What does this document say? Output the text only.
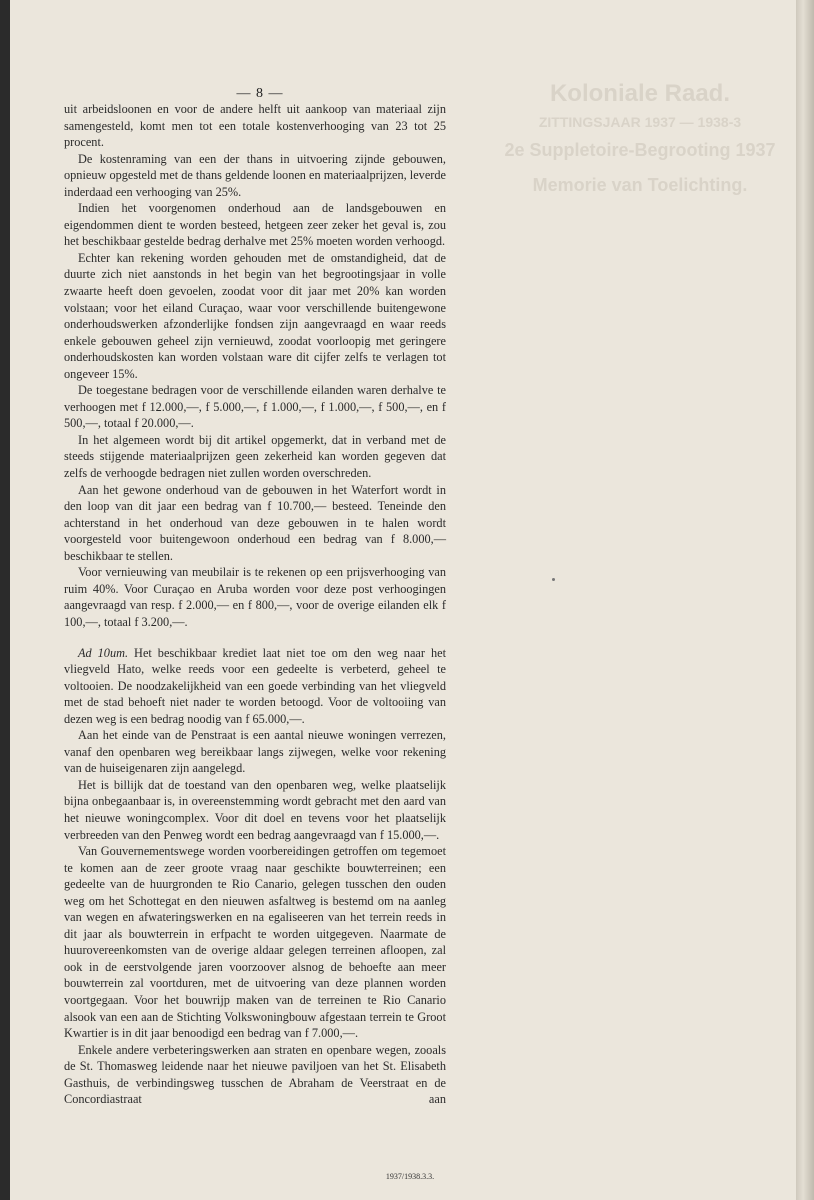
Koloniale Raad.
ZITTINGSJAAR 1937 — 1938-3
2e Suppletoire-Begrooting 1937
Memorie van Toelichting.
— 8 —

uit arbeidsloonen en voor de andere helft uit aankoop van materiaal zijn samengesteld, komt men tot een totale kostenverhooging van 23 tot 25 procent.

De kostenraming van een der thans in uitvoering zijnde gebouwen, opnieuw opgesteld met de thans geldende loonen en materiaalprijzen, leverde inderdaad een verhooging van 25%.

Indien het voorgenomen onderhoud aan de landsgebouwen en eigendommen dient te worden besteed, hetgeen zeer zeker het geval is, zou het beschikbaar gestelde bedrag derhalve met 25% moeten worden verhoogd.

Echter kan rekening worden gehouden met de omstandigheid, dat de duurte zich niet aanstonds in het begin van het begrootingsjaar in volle zwaarte heeft doen gevoelen, zoodat voor dit jaar met 20% kan worden volstaan; voor het eiland Curaçao, waar voor verschillende buitengewone onderhoudswerken afzonderlijke fondsen zijn aangevraagd en waar reeds enkele gebouwen geheel zijn vernieuwd, zoodat voorloopig met geringere onderhoudskosten kan worden volstaan ware dit cijfer zelfs te verlagen tot ongeveer 15%.

De toegestane bedragen voor de verschillende eilanden waren derhalve te verhoogen met f 12.000,—, f 5.000,—, f 1.000,—, f 1.000,—, f 500,—, en f 500,—, totaal f 20.000,—.

In het algemeen wordt bij dit artikel opgemerkt, dat in verband met de steeds stijgende materiaalprijzen geen zekerheid kan worden gegeven dat zelfs de verhoogde bedragen niet zullen worden overschreden.

Aan het gewone onderhoud van de gebouwen in het Waterfort wordt in den loop van dit jaar een bedrag van f 10.700,— besteed. Teneinde den achterstand in het onderhoud van deze gebouwen in te halen wordt voorgesteld voor buitengewoon onderhoud een bedrag van f 8.000,— beschikbaar te stellen.

Voor vernieuwing van meubilair is te rekenen op een prijsverhooging van ruim 40%. Voor Curaçao en Aruba worden voor deze post verhoogingen aangevraagd van resp. f 2.000,— en f 800,—, voor de overige eilanden elk f 100,—, totaal f 3.200,—.

Ad 10um. Het beschikbaar krediet laat niet toe om den weg naar het vliegveld Hato, welke reeds voor een gedeelte is verbeterd, geheel te voltooien. De noodzakelijkheid van een goede verbinding van het vliegveld met de stad behoeft niet nader te worden betoogd. Voor de voltooiing van dezen weg is een bedrag noodig van f 65.000,—.

Aan het einde van de Penstraat is een aantal nieuwe woningen verrezen, vanaf den openbaren weg bereikbaar langs zijwegen, welke voor rekening van de huiseigenaren zijn aangelegd.

Het is billijk dat de toestand van den openbaren weg, welke plaatselijk bijna onbegaanbaar is, in overeenstemming wordt gebracht met den aard van het nieuwe woningcomplex. Voor dit doel en tevens voor het plaatselijk verbreeden van den Penweg wordt een bedrag aangevraagd van f 15.000,—.

Van Gouvernementswege worden voorbereidingen getroffen om tegemoet te komen aan de zeer groote vraag naar geschikte bouwterreinen; een gedeelte van de huurgronden te Rio Canario, gelegen tusschen den ouden weg om het Schottegat en den nieuwen asfaltweg is bestemd om na aanleg van wegen en afwateringswerken en na egaliseeren van het terrein reeds in dit jaar als bouwterrein in erfpacht te worden uitgegeven. Naarmate de huurovereenkomsten van de overige aldaar gelegen terreinen afloopen, zal ook in de eerstvolgende jaren voorzoover alsnog de behoefte aan meer bouwterrein zal voortduren, met de uitvoering van deze plannen worden voortgegaan. Voor het bouwrijp maken van de terreinen te Rio Canario alsook van een aan de Stichting Volkswoningbouw afgestaan terrein te Groot Kwartier is in dit jaar benoodigd een bedrag van f 7.000,—.

Enkele andere verbeteringswerken aan straten en openbare wegen, zooals de St. Thomasweg leidende naar het nieuwe paviljoen van het St. Elisabeth Gasthuis, de verbindingsweg tusschen de Abraham de Veerstraat en de Concordiastraat aan

1937/1938.3.3.
